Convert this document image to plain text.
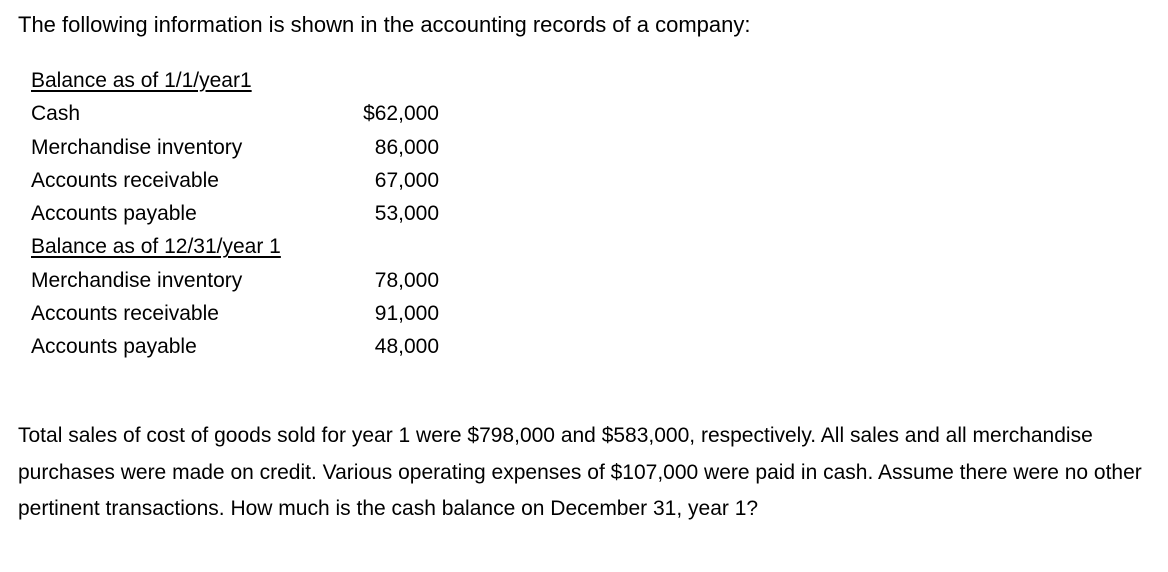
The following information is shown in the accounting records of a company:
Balance as of 1/1/year1
Cash	$62,000
Merchandise inventory	86,000
Accounts receivable	67,000
Accounts payable	53,000
Balance as of 12/31/year 1
Merchandise inventory	78,000
Accounts receivable	91,000
Accounts payable	48,000
Total sales of cost of goods sold for year 1 were $798,000 and $583,000, respectively. All sales and all merchandise purchases were made on credit. Various operating expenses of $107,000 were paid in cash. Assume there were no other pertinent transactions. How much is the cash balance on December 31, year 1?
